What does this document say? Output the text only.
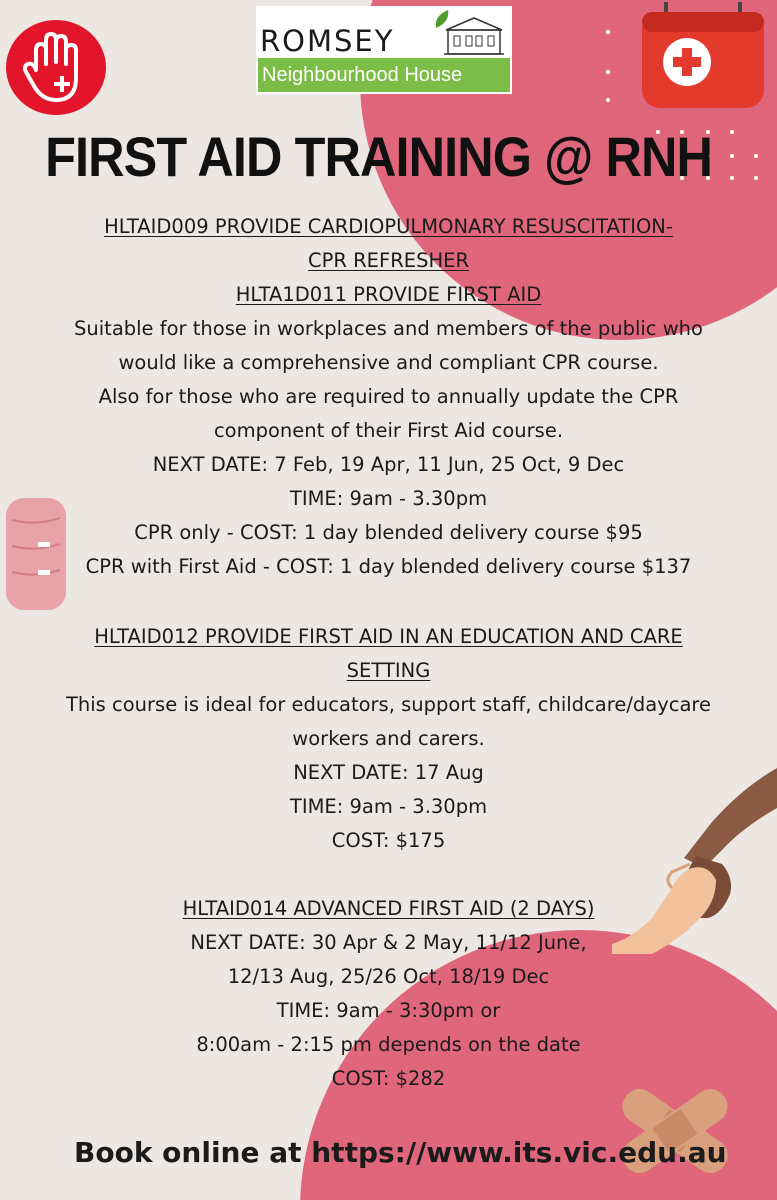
ROMSEY
Neighbourhood House
FIRST AID TRAINING @ RNH
HLTAID009 PROVIDE CARDIOPULMONARY RESUSCITATION-
CPR REFRESHER
HLTA1D011 PROVIDE FIRST AID
Suitable for those in workplaces and members of the public who
would like a comprehensive and compliant CPR course.
Also for those who are required to annually update the CPR
component of their First Aid course.
NEXT DATE: 7 Feb, 19 Apr, 11 Jun, 25 Oct, 9 Dec
TIME: 9am - 3.30pm
CPR only - COST: 1 day blended delivery course $95
CPR with First Aid - COST: 1 day blended delivery course $137
HLTAID012 PROVIDE FIRST AID IN AN EDUCATION AND CARE
SETTING
This course is ideal for educators, support staff, childcare/daycare
workers and carers.
NEXT DATE: 17 Aug
TIME: 9am - 3.30pm
COST: $175
HLTAID014 ADVANCED FIRST AID (2 DAYS)
NEXT DATE: 30 Apr & 2 May, 11/12 June,
12/13 Aug, 25/26 Oct, 18/19 Dec
TIME: 9am - 3:30pm or
8:00am - 2:15 pm depends on the date
COST: $282
Book online at https://www.its.vic.edu.au
